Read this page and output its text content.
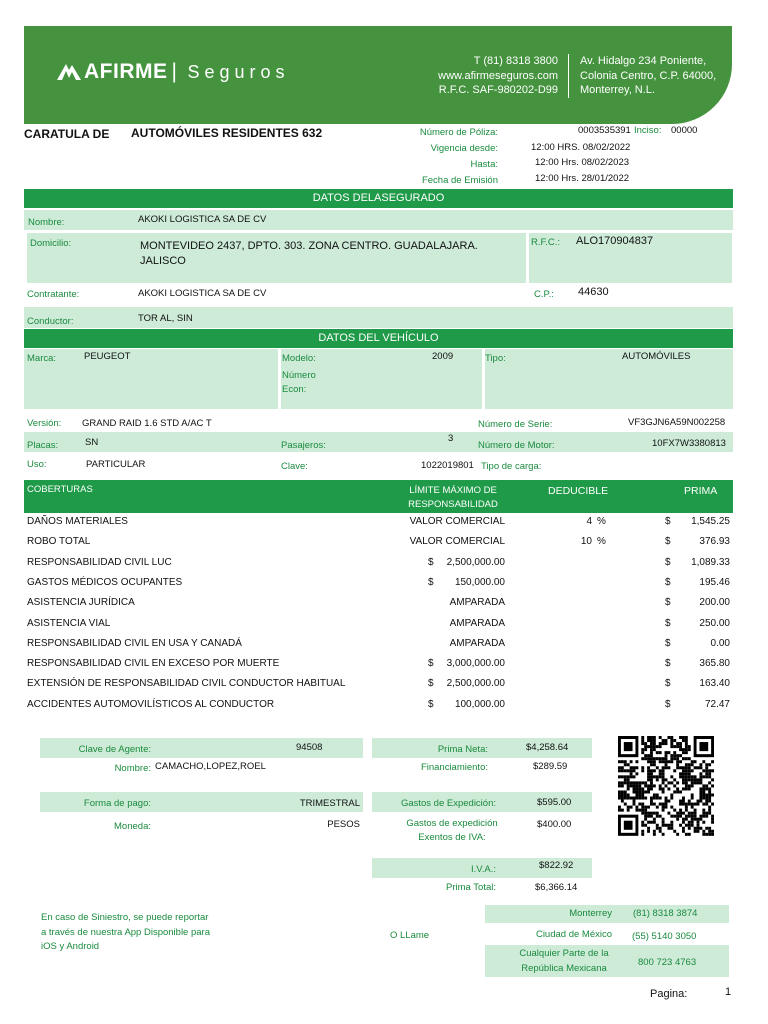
AFIRME | Seguros
T (81) 8318 3800
www.afirmeseguros.com
R.F.C. SAF-980202-D99
Av. Hidalgo 234 Poniente,
Colonia Centro, C.P. 64000,
Monterrey, N.L.
CARATULA DE AUTOMÓVILES RESIDENTES 632	Número de Póliza:	0003535391 Inciso: 00000
Vigencia desde:	12:00 HRS. 08/02/2022
Hasta:	12:00 Hrs. 08/02/2023
Fecha de Emisión	12:00 Hrs. 28/01/2022
DATOS DELASEGURADO
Nombre:	AKOKI LOGISTICA SA DE CV
Domicilio:	MONTEVIDEO 2437, DPTO. 303. ZONA CENTRO. GUADALAJARA. JALISCO
R.F.C.: ALO170904837
Contratante:	AKOKI LOGISTICA SA DE CV	C.P.: 44630
Conductor:	TOR AL, SIN
DATOS DEL VEHÍCULO
Marca:	PEUGEOT	Modelo:	2009
Número
Econ:
Tipo:	AUTOMÓVILES
Versión: GRAND RAID 1.6 STD A/AC T	Número de Serie:	VF3GJN6A59N002258
Placas:	SN	Pasajeros:
3
Número de Motor:	10FX7W3380813
Uso:	PARTICULAR	Clave:	1022019801 Tipo de carga:
COBERTURAS	LÍMITE MÁXIMO DE
RESPONSABILIDAD
DEDUCIBLE	PRIMA
DAÑOS MATERIALES	VALOR COMERCIAL	4 %	$	1,545.25
ROBO TOTAL	VALOR COMERCIAL	10 %	$	376.93
RESPONSABILIDAD CIVIL LUC	$	2,500,000.00	$	1,089.33
GASTOS MÉDICOS OCUPANTES	$	150,000.00	$	195.46
ASISTENCIA JURÍDICA	AMPARADA	$	200.00
ASISTENCIA VIAL	AMPARADA	$	250.00
RESPONSABILIDAD CIVIL EN USA Y CANADÁ	AMPARADA	$	0.00
RESPONSABILIDAD CIVIL EN EXCESO POR MUERTE	$	3,000,000.00	$	365.80
EXTENSIÓN DE RESPONSABILIDAD CIVIL CONDUCTOR HABITUAL	$	2,500,000.00	$	163.40
ACCIDENTES AUTOMOVILÍSTICOS AL CONDUCTOR	$	100,000.00	$	72.47
Clave de Agente:	94508
Nombre: CAMACHO,LOPEZ,ROEL
Forma de pago:	TRIMESTRAL
Moneda:	PESOS
Prima Neta:	$4,258.64
Financiamiento:	$289.59
Gastos de Expedición:	$595.00
Gastos de expedición
Exentos de IVA:
$400.00
I.V.A.:	$822.92
Prima Total:	$6,366.14
En caso de Siniestro, se puede reportar
a través de nuestra App Disponible para
iOS y Android
O LLame
Monterrey (81) 8318 3874
Ciudad de México (55) 5140 3050
Cualquier Parte de la
República Mexicana
800 723 4763
Pagina:	1
